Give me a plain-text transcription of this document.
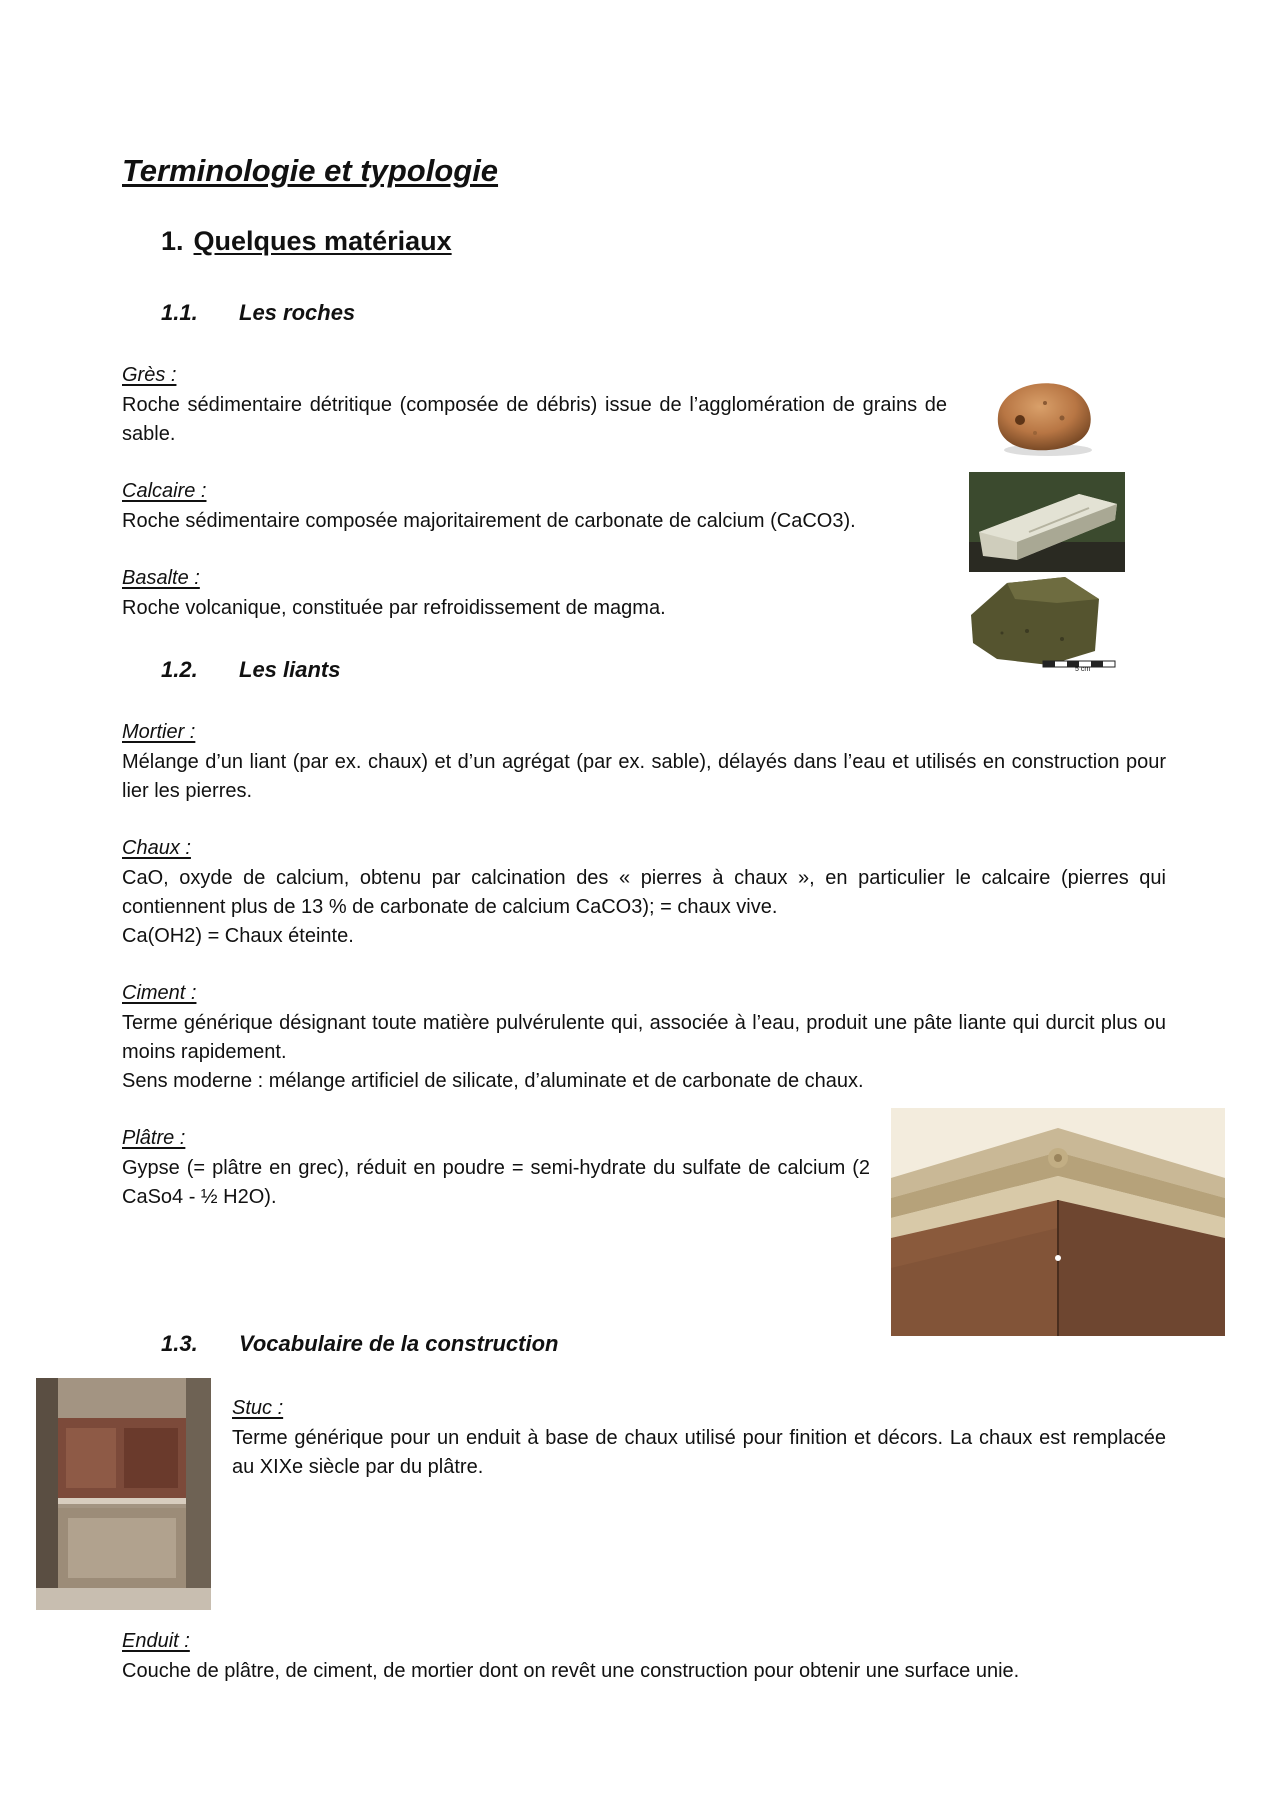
Terminologie et typologie
1. Quelques matériaux
1.1. Les roches
Grès :

Roche sédimentaire détritique (composée de débris) issue de l’agglomération de grains de sable.

Calcaire :

Roche sédimentaire composée majoritairement de carbonate de calcium (CaCO3).

Basalte :

Roche volcanique, constituée par refroidissement de magma.

5 cm
1.2. Les liants
Mortier :

Mélange d’un liant (par ex. chaux) et d’un agrégat (par ex. sable), délayés dans l’eau et utilisés en construction pour lier les pierres.

Chaux :

CaO, oxyde de calcium, obtenu par calcination des « pierres à chaux », en particulier le calcaire (pierres qui contiennent plus de 13 % de carbonate de calcium CaCO3); = chaux vive.

Ca(OH2) = Chaux éteinte.

Ciment :

Terme générique désignant toute matière pulvérulente qui, associée à l’eau, produit une pâte liante qui durcit plus ou moins rapidement.

Sens moderne : mélange artificiel de silicate, d’aluminate et de carbonate de chaux.

Plâtre :

Gypse (= plâtre en grec), réduit en poudre = semi-hydrate du sulfate de calcium (2 CaSo4 - ½ H2O).

1.3. Vocabulaire de la construction
Stuc :

Terme générique pour un enduit à base de chaux utilisé pour finition et décors. La chaux est remplacée au XIXe siècle par du plâtre.

Enduit :

Couche de plâtre, de ciment, de mortier dont on revêt une construction pour obtenir une surface unie.
